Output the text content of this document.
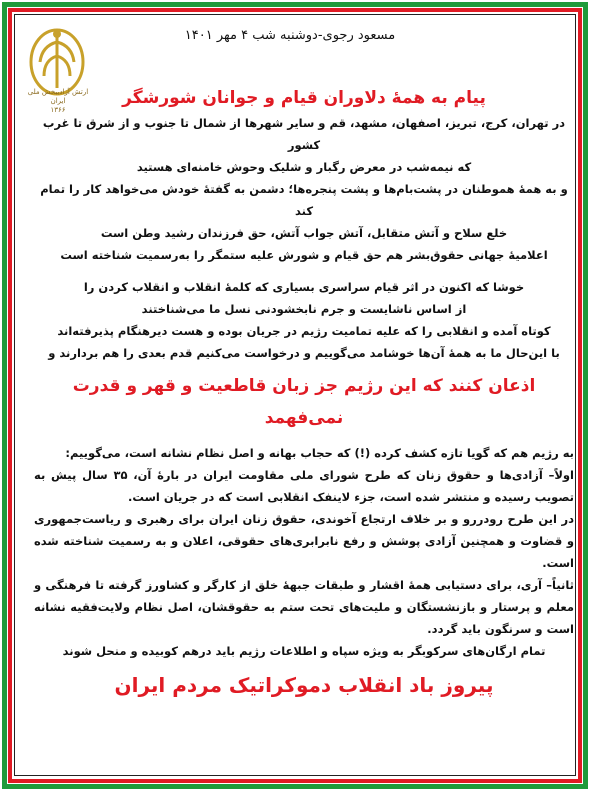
ارتش آزادیبخش ملی ایران
۱۳۶۶
مسعود رجوی-دوشنبه شب ۴ مهر ۱۴۰۱

پیام به همهٔ دلاوران قیام و جوانان شورشگر

در تهران، کرج، تبریز، اصفهان، مشهد، قم و سایر شهرها از شمال تا جنوب و از شرق تا غرب کشور

که نیمه‌شب در معرض رگبار و شلیک وحوش خامنه‌ای هستید

و به همهٔ هموطنان در پشت‌بام‌ها و پشت پنجره‌ها؛ دشمن به گفتهٔ خودش می‌خواهد کار را تمام کند

خلع سلاح و آتش متقابل، آتش جواب آتش، حق فرزندان رشید وطن است

اعلامیهٔ جهانی حقوق‌بشر هم حق قیام و شورش علیه ستمگر را به‌رسمیت شناخته است

خوشا که اکنون در اثر قیام سراسری بسیاری که کلمهٔ انقلاب و انقلاب کردن را

از اساس ناشایست و جرم نابخشودنی نسل ما می‌شناختند

کوتاه آمده و انقلابی را که علیه تمامیت رژیم در جریان بوده و هست دیرهنگام پذیرفته‌اند

با این‌حال ما به همهٔ آن‌ها خوشامد می‌گوییم و درخواست می‌کنیم قدم بعدی را هم بردارند و

اذعان کنند که این رژیم جز زبان قاطعیت و قهر و قدرت نمی‌فهمد

به رژیم هم که گویا تازه کشف کرده (!) که حجاب بهانه و اصل نظام نشانه است، می‌گوییم:

اولاً– آزادی‌ها و حقوق زنان که طرح شورای ملی مقاومت ایران در بارهٔ آن، ۳۵ سال پیش به تصویب رسیده و منتشر شده است، جزء لاینفک انقلابی است که در جریان است.

در این طرح رودررو و بر خلاف ارتجاع آخوندی، حقوق زنان ایران برای رهبری و ریاست‌جمهوری و قضاوت و همچنین آزادی پوشش و رفع نابرابری‌های حقوقی، اعلان و به رسمیت شناخته شده است.

ثانیاً– آری، برای دستیابی همهٔ اقشار و طبقات جبههٔ خلق از کارگر و کشاورز گرفته تا فرهنگی و معلم و پرستار و بازنشستگان و ملیت‌های تحت ستم به حقوقشان، اصل نظام ولایت‌فقیه نشانه است و سرنگون باید گردد.

تمام ارگان‌های سرکوبگر به ویژه سپاه و اطلاعات رژیم باید درهم کوبیده و منحل شوند

پیروز باد انقلاب دموکراتیک مردم ایران
